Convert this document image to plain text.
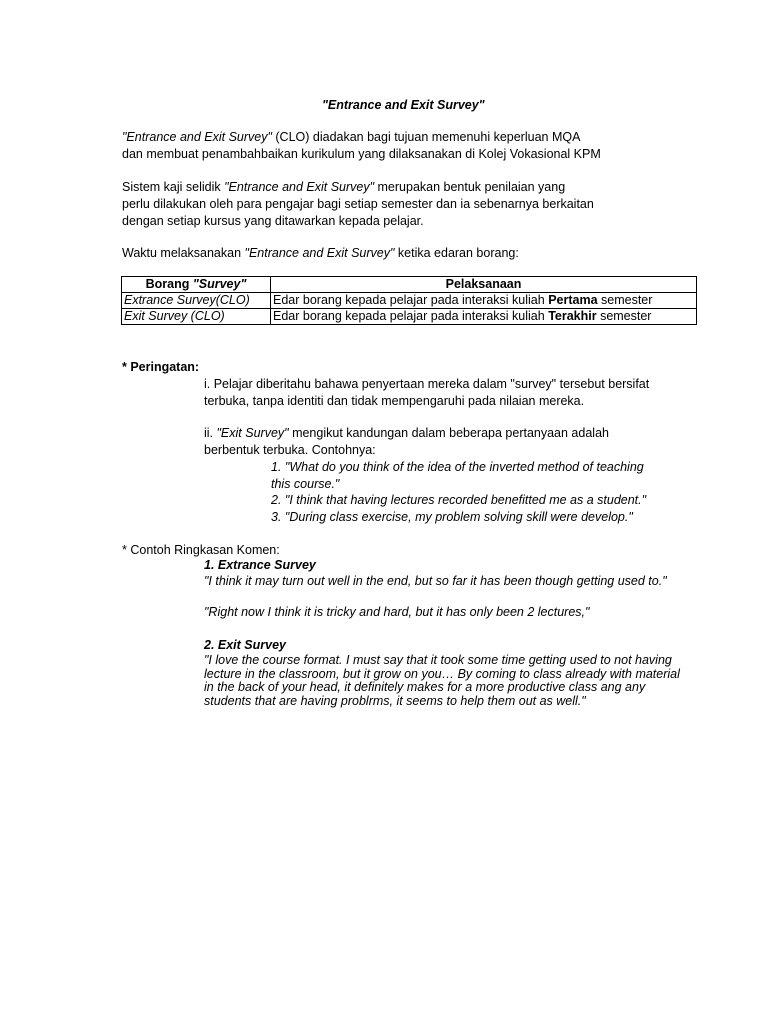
"Entrance and Exit Survey"
"Entrance and Exit Survey" (CLO) diadakan bagi tujuan memenuhi keperluan MQA
dan membuat penambahbaikan kurikulum yang dilaksanakan di Kolej Vokasional KPM
Sistem kaji selidik "Entrance and Exit Survey" merupakan bentuk penilaian yang
perlu dilakukan oleh para pengajar bagi setiap semester dan ia sebenarnya berkaitan
dengan setiap kursus yang ditawarkan kepada pelajar.
Waktu melaksanakan "Entrance and Exit Survey" ketika edaran borang:
Borang "Survey"	Pelaksanaan
Extrance Survey(CLO)	Edar borang kepada pelajar pada interaksi kuliah Pertama semester
Exit Survey (CLO)	Edar borang kepada pelajar pada interaksi kuliah Terakhir semester
* Peringatan:
i. Pelajar diberitahu bahawa penyertaan mereka dalam "survey" tersebut bersifat
terbuka, tanpa identiti dan tidak mempengaruhi pada nilaian mereka.
ii. "Exit Survey" mengikut kandungan dalam beberapa pertanyaan adalah
berbentuk terbuka. Contohnya:
1. "What do you think of the idea of the inverted method of teaching
this course."
2. "I think that having lectures recorded benefitted me as a student."
3. "During class exercise, my problem solving skill were develop."
* Contoh Ringkasan Komen:
1. Extrance Survey
"I think it may turn out well in the end, but so far it has been though getting used to."
"Right now I think it is tricky and hard, but it has only been 2 lectures,"
2. Exit Survey
"I love the course format. I must say that it took some time getting used to not having lecture in the classroom, but it grow on you… By coming to class already with material in the back of your head, it definitely makes for a more productive class ang any students that are having problrms, it seems to help them out as well."
